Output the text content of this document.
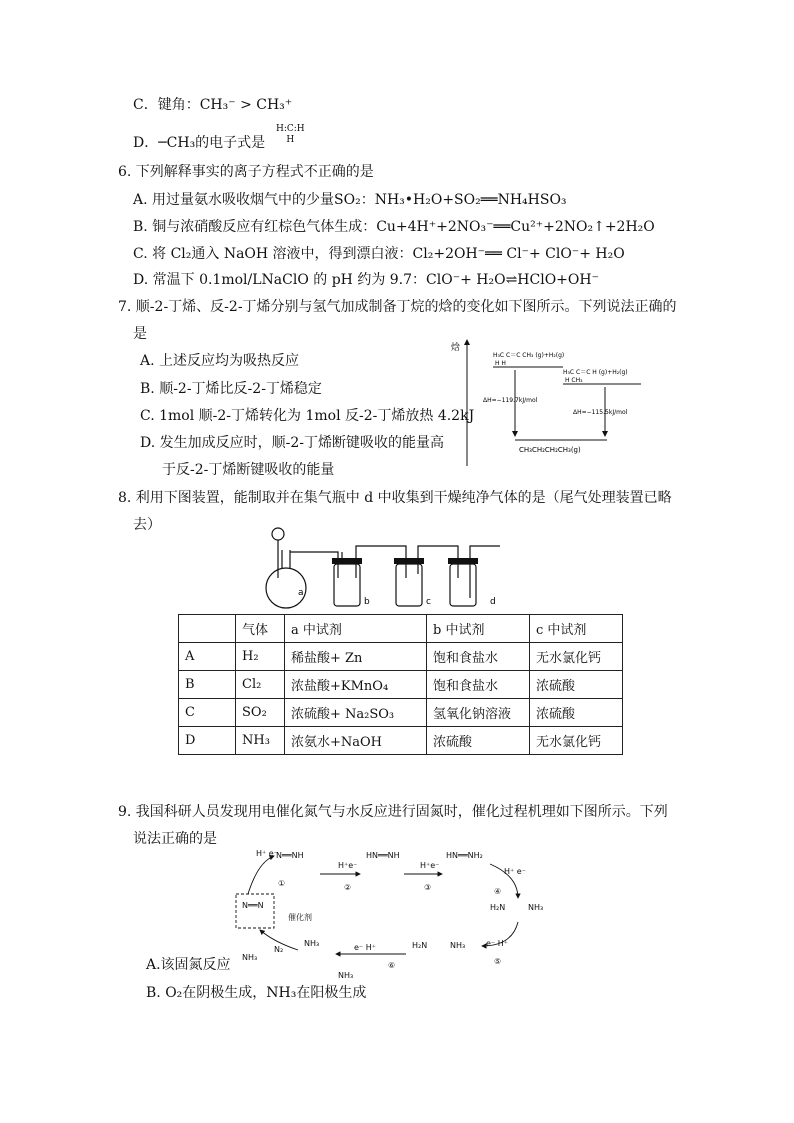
C．键角：CH₃⁻ > CH₃⁺
D．─CH₃的电子式是
H:C:H
H
6. 下列解释事实的离子方程式不正确的是
A. 用过量氨水吸收烟气中的少量SO₂：NH₃•H₂O+SO₂══NH₄HSO₃
B. 铜与浓硝酸反应有红棕色气体生成：Cu+4H⁺+2NO₃⁻══Cu²⁺+2NO₂↑+2H₂O
C. 将 Cl₂通入 NaOH 溶液中，得到漂白液：Cl₂+2OH⁻══ Cl⁻+ ClO⁻+ H₂O
D. 常温下 0.1mol/LNaClO 的 pH 约为 9.7：ClO⁻+ H₂O⇌HClO+OH⁻
7. 顺-2-丁烯、反-2-丁烯分别与氢气加成制备丁烷的焓的变化如下图所示。下列说法正确的
是
A. 上述反应均为吸热反应
B. 顺-2-丁烯比反-2-丁烯稳定
C. 1mol 顺-2-丁烯转化为 1mol 反-2-丁烯放热 4.2kJ
D. 发生加成反应时，顺-2-丁烯断键吸收的能量高
于反-2-丁烯断键吸收的能量
焓
H₃C C＝C CH₃ (g)+H₂(g)
H H
H₃C C＝C H (g)+H₂(g)
H CH₃
ΔH=−119.7kJ/mol
ΔH=−115.5kJ/mol
CH₃CH₂CH₂CH₃(g)
8. 利用下图装置，能制取并在集气瓶中 d 中收集到干燥纯净气体的是（尾气处理装置已略
去）
a
b	c	d
	气体	a 中试剂	b 中试剂	c 中试剂
A	H₂	稀盐酸+ Zn	饱和食盐水	无水氯化钙
B	Cl₂	浓盐酸+KMnO₄	饱和食盐水	浓硫酸
C	SO₂	浓硫酸+ Na₂SO₃	氢氧化钠溶液	浓硫酸
D	NH₃	浓氨水+NaOH	浓硫酸	无水氯化钙
9. 我国科研人员发现用电催化氮气与水反应进行固氮时，催化过程机理如下图所示。下列
说法正确的是
N══NH	HN══NH	HN══NH₂
H₂N	NH₃
H₂N	NH₃
NH₃
N══N
催化剂
N₂
NH₃
NH₃
H⁺ e⁻
H⁺e⁻	H⁺e⁻
H⁺ e⁻
e⁻ H⁺
e⁻ H⁺
①	②	③	④
⑤
⑥
A.该固氮反应
B. O₂在阴极生成，NH₃在阳极生成
